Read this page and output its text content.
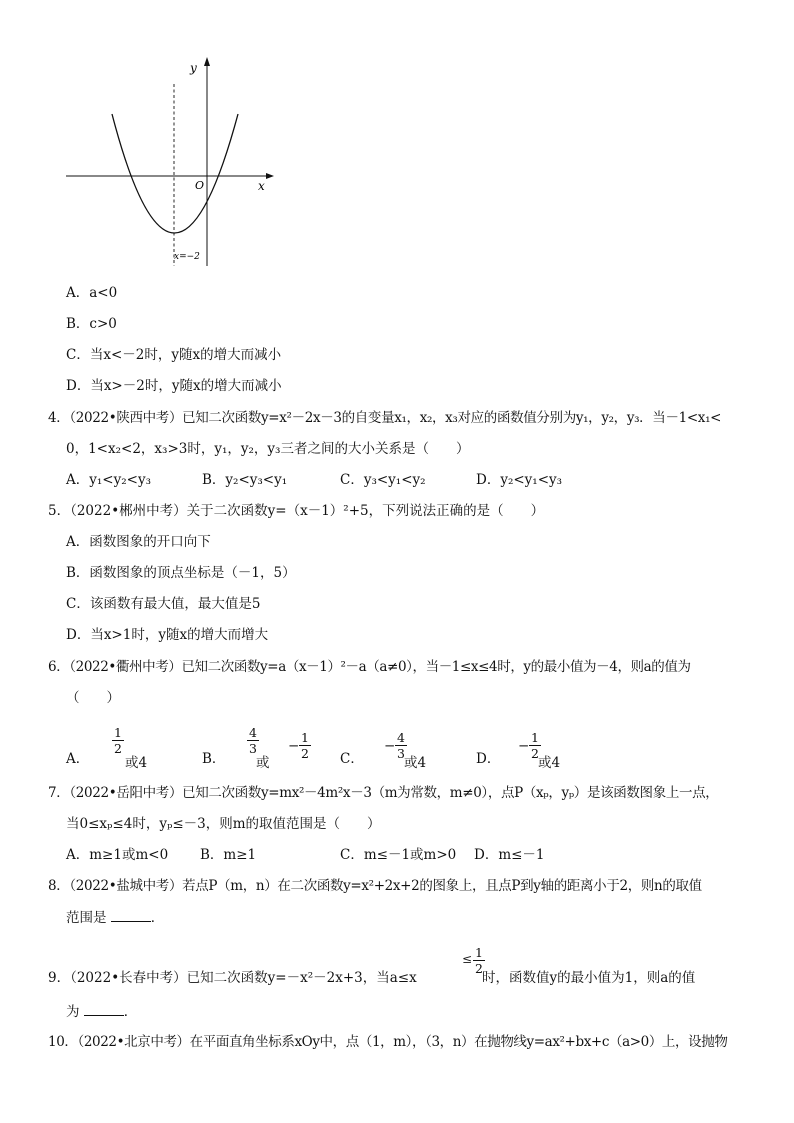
y
x
O
x=−2
A．a<0
B．c>0
C．当x<－2时，y随x的增大而减小
D．当x>－2时，y随x的增大而减小
4．（2022•陕西中考）已知二次函数y=x²－2x－3的自变量x₁，x₂，x₃对应的函数值分别为y₁，y₂，y₃．当－1<x₁<
0，1<x₂<2，x₃>3时，y₁，y₂，y₃三者之间的大小关系是（　　）
A．y₁<y₂<y₃	B．y₂<y₃<y₁	C．y₃<y₁<y₂	D．y₂<y₁<y₃
5．（2022•郴州中考）关于二次函数y=（x－1）²+5，下列说法正确的是（　　）
A．函数图象的开口向下
B．函数图象的顶点坐标是（－1，5）
C．该函数有最大值，最大值是5
D．当x>1时，y随x的增大而增大
6．（2022•衢州中考）已知二次函数y=a（x－1）²－a（a≠0），当－1≤x≤4时，y的最小值为－4，则a的值为
（　　）
A．
1
2
或4	B．
4
3
或
−
1
2 C．
−
4
3
或4	D．
−
1
2
或4
7．（2022•岳阳中考）已知二次函数y=mx²－4m²x－3（m为常数，m≠0），点P（xₚ，yₚ）是该函数图象上一点，
当0≤xₚ≤4时，yₚ≤－3，则m的取值范围是（　　）
A．m≥1或m<0 B．m≥1	C．m≤－1或m>0 D．m≤－1
8．（2022•盐城中考）若点P（m，n）在二次函数y=x²+2x+2的图象上，且点P到y轴的距离小于2，则n的取值
范围是	．
≤ 1
2
9．（2022•长春中考）已知二次函数y=－x²－2x+3，当a≤x	时，函数值y的最小值为1，则a的值
为	．
10．（2022•北京中考）在平面直角坐标系xOy中，点（1，m），（3，n）在抛物线y=ax²+bx+c（a>0）上，设抛物
